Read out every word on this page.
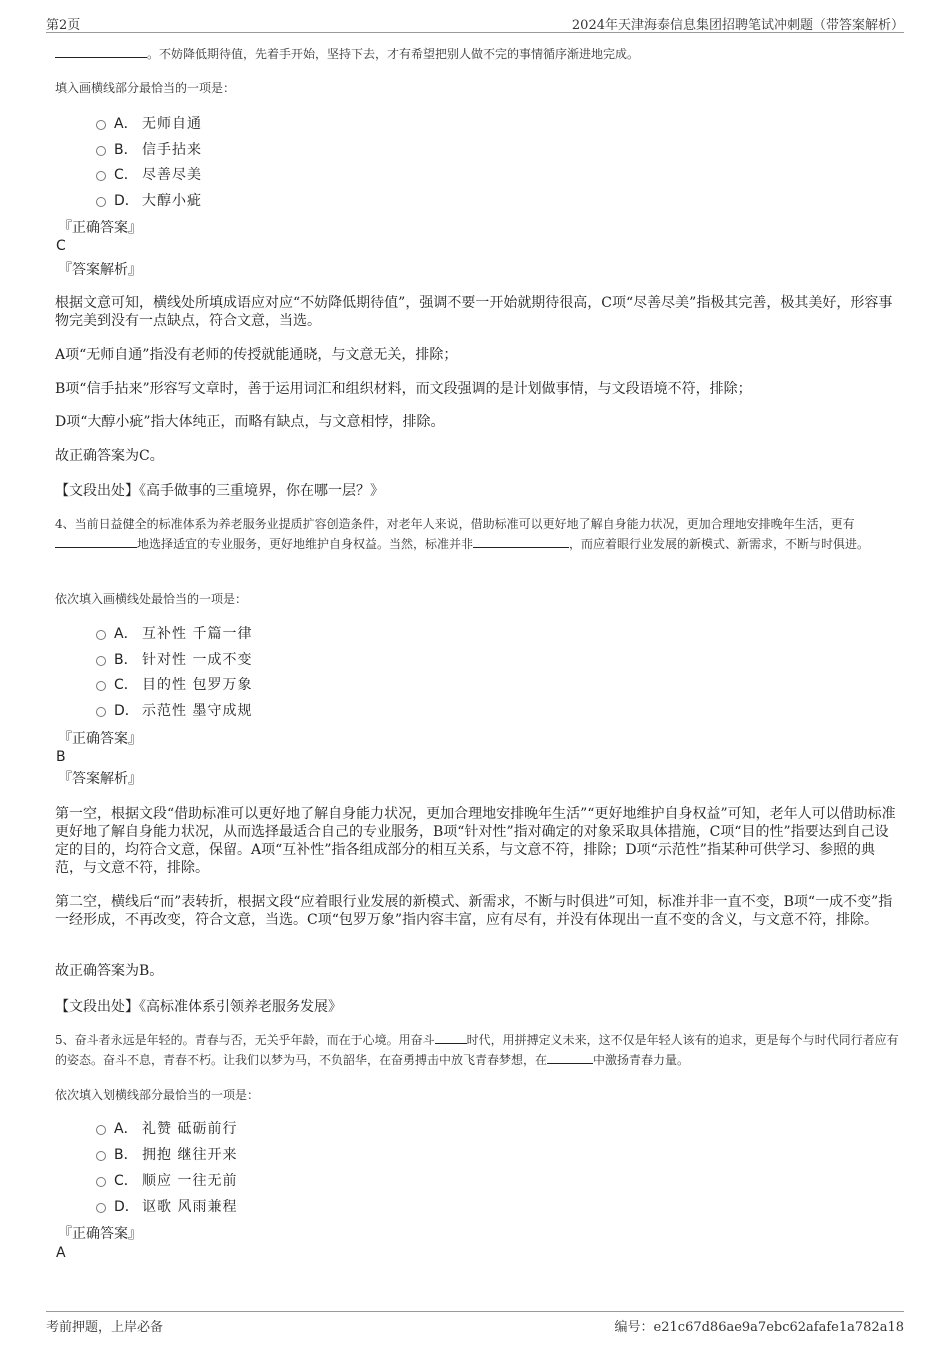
第2页	2024年天津海泰信息集团招聘笔试冲刺题（带答案解析）
。不妨降低期待值，先着手开始，坚持下去，才有希望把别人做不完的事情循序渐进地完成。
填入画横线部分最恰当的一项是：
A． 无师自通
B． 信手拈来
C． 尽善尽美
D． 大醇小疵
『正确答案』
C
『答案解析』
根据文意可知，横线处所填成语应对应“不妨降低期待值”，强调不要一开始就期待很高，C项“尽善尽美”指极其完善，极其美好，形容事物完美到没有一点缺点，符合文意，当选。
A项“无师自通”指没有老师的传授就能通晓，与文意无关，排除；
B项“信手拈来”形容写文章时，善于运用词汇和组织材料，而文段强调的是计划做事情，与文段语境不符，排除；
D项“大醇小疵”指大体纯正，而略有缺点，与文意相悖，排除。
故正确答案为C。
【文段出处】《高手做事的三重境界，你在哪一层？》
4、当前日益健全的标准体系为养老服务业提质扩容创造条件，对老年人来说，借助标准可以更好地了解自身能力状况，更加合理地安排晚年生活，更有地选择适宜的专业服务，更好地维护自身权益。当然，标准并非	，而应着眼行业发展的新模式、新需求，不断与时俱进。
依次填入画横线处最恰当的一项是：
A． 互补性 千篇一律
B． 针对性 一成不变
C． 目的性 包罗万象
D． 示范性 墨守成规
『正确答案』
B
『答案解析』
第一空，根据文段“借助标准可以更好地了解自身能力状况，更加合理地安排晚年生活”“更好地维护自身权益”可知，老年人可以借助标准更好地了解自身能力状况，从而选择最适合自己的专业服务，B项“针对性”指对确定的对象采取具体措施，C项“目的性”指要达到自己设定的目的，均符合文意，保留。A项“互补性”指各组成部分的相互关系，与文意不符，排除；D项“示范性”指某种可供学习、参照的典范，与文意不符，排除。
第二空，横线后“而”表转折，根据文段“应着眼行业发展的新模式、新需求，不断与时俱进”可知，标准并非一直不变，B项“一成不变”指一经形成，不再改变，符合文意，当选。C项“包罗万象”指内容丰富，应有尽有，并没有体现出一直不变的含义，与文意不符，排除。
故正确答案为B。
【文段出处】《高标准体系引领养老服务发展》
5、奋斗者永远是年轻的。青春与否，无关乎年龄，而在于心境。用奋斗	时代，用拼搏定义未来，这不仅是年轻人该有的追求，更是每个与时代同行者应有的姿态。奋斗不息，青春不朽。让我们以梦为马，不负韶华，在奋勇搏击中放飞青春梦想，在	中激扬青春力量。
依次填入划横线部分最恰当的一项是：
A． 礼赞 砥砺前行
B． 拥抱 继往开来
C． 顺应 一往无前
D． 讴歌 风雨兼程
『正确答案』
A
考前押题，上岸必备	编号：e21c67d86ae9a7ebc62afafe1a782a18
